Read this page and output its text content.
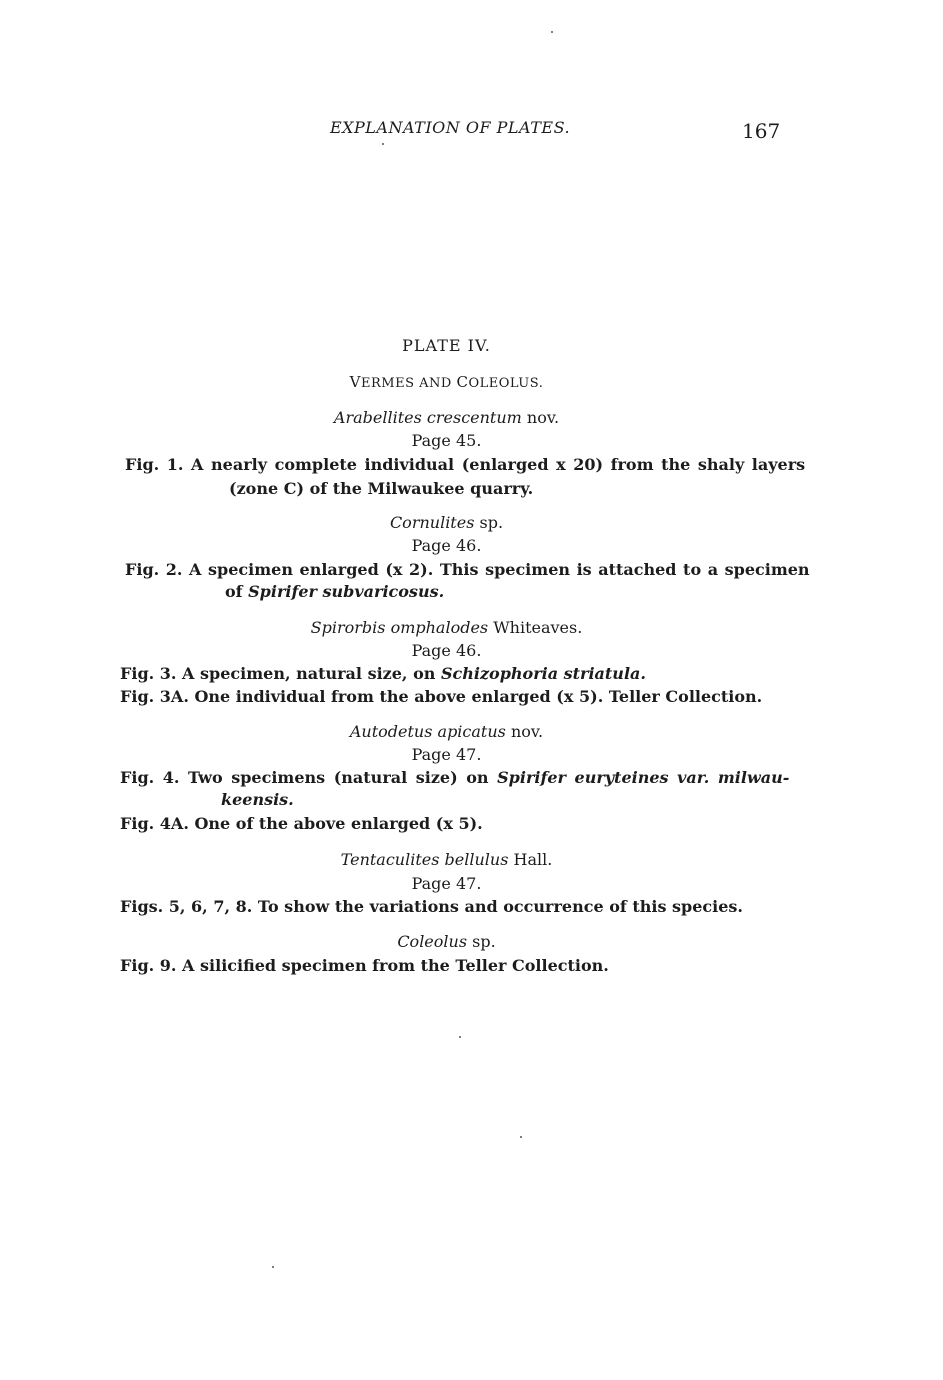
EXPLANATION OF PLATES.	167
PLATE IV.
VERMES AND COLEOLUS.
Arabellites crescentum nov.
Page 45.
Fig. 1. A nearly complete individual (enlarged x 20) from the shaly layers
(zone C) of the Milwaukee quarry.
Cornulites sp.
Page 46.
Fig. 2. A specimen enlarged (x 2). This specimen is attached to a specimen
of Spirifer subvaricosus.
Spirorbis omphalodes Whiteaves.
Page 46.
Fig. 3. A specimen, natural size, on Schizophoria striatula.
Fig. 3A. One individual from the above enlarged (x 5). Teller Collection.
Autodetus apicatus nov.
Page 47.
Fig. 4. Two specimens (natural size) on Spirifer euryteines var. milwau-
keensis.
Fig. 4A. One of the above enlarged (x 5).
Tentaculites bellulus Hall.
Page 47.
Figs. 5, 6, 7, 8. To show the variations and occurrence of this species.
Coleolus sp.
Fig. 9. A silicified specimen from the Teller Collection.
